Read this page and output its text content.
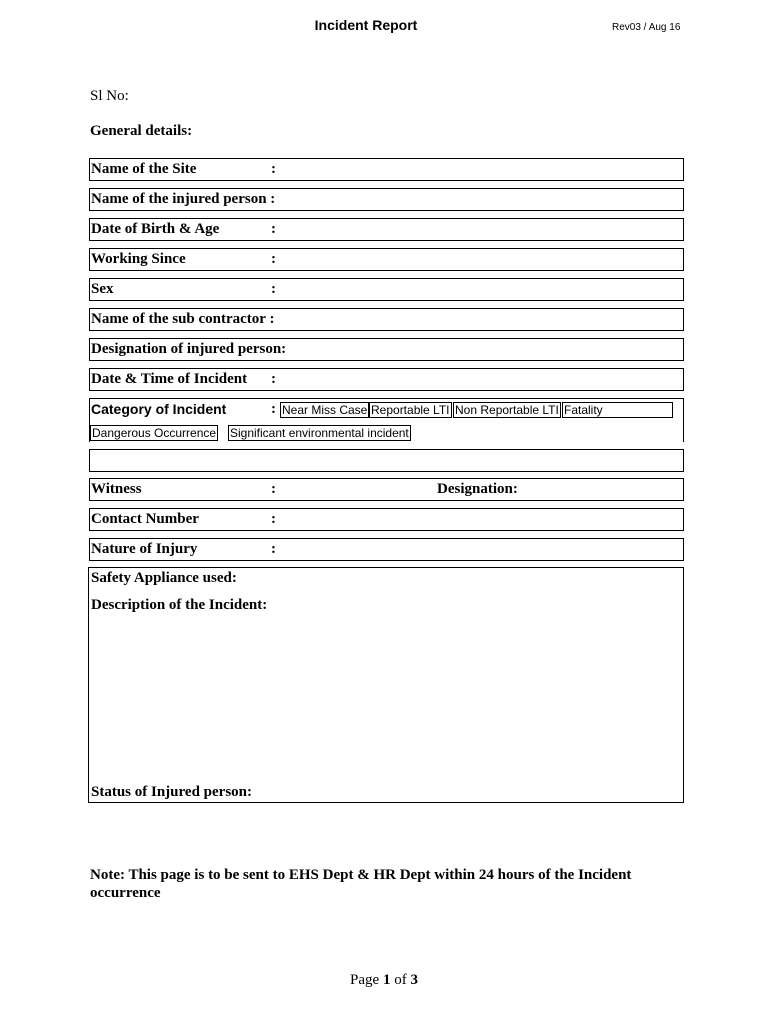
Incident Report	Rev03 / Aug 16
Sl No:
General details:
Name of the Site	:
Name of the injured person :
Date of Birth & Age	:
Working Since	:
Sex	:
Name of the sub contractor :
Designation of injured person:
Date & Time of Incident :
Category of Incident	: Near Miss Case Reportable LTI Non Reportable LTI Fatality
Dangerous Occurrence Significant environmental incident
Witness	:	Designation:
Contact Number	:
Nature of Injury	:
Safety Appliance used:
Description of the Incident:
Status of Injured person:
Note: This page is to be sent to EHS Dept & HR Dept within 24 hours of the Incident occurrence
Page 1 of 3
